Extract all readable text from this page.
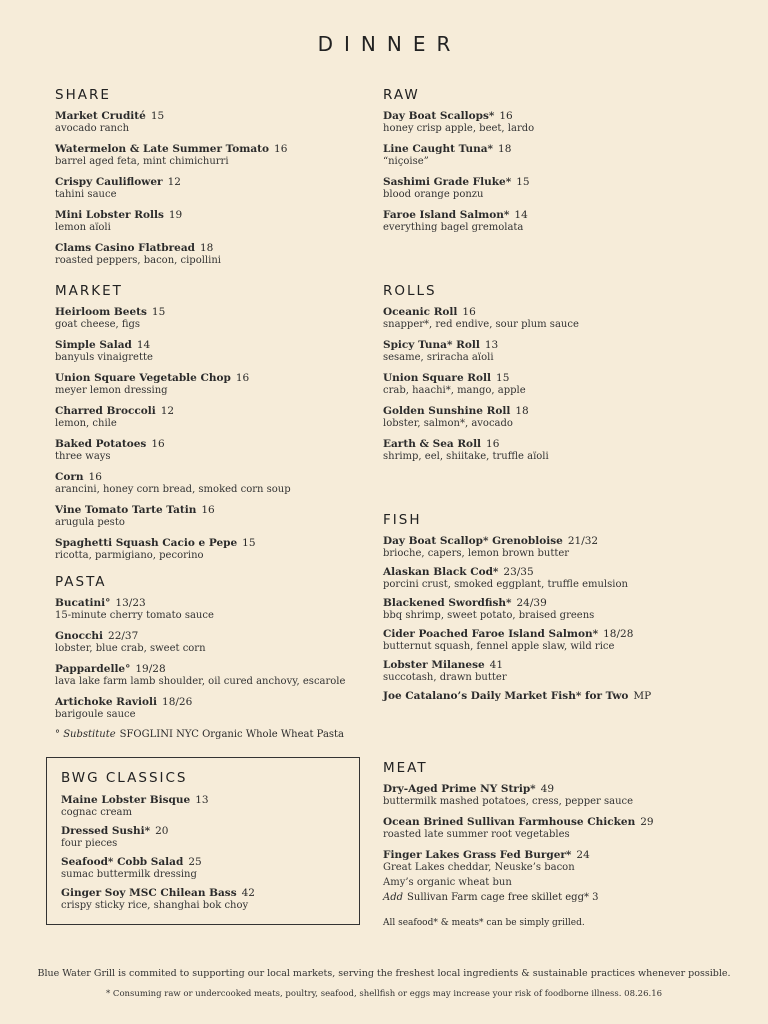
DINNER
SHARE
Market Crudité 15
avocado ranch
Watermelon & Late Summer Tomato 16
barrel aged feta, mint chimichurri
Crispy Cauliflower 12
tahini sauce
Mini Lobster Rolls 19
lemon aïoli
Clams Casino Flatbread 18
roasted peppers, bacon, cipollini
RAW
Day Boat Scallops* 16
honey crisp apple, beet, lardo
Line Caught Tuna* 18
“niçoise”
Sashimi Grade Fluke* 15
blood orange ponzu
Faroe Island Salmon* 14
everything bagel gremolata
MARKET
Heirloom Beets 15
goat cheese, figs
Simple Salad 14
banyuls vinaigrette
Union Square Vegetable Chop 16
meyer lemon dressing
Charred Broccoli 12
lemon, chile
Baked Potatoes 16
three ways
Corn 16
arancini, honey corn bread, smoked corn soup
Vine Tomato Tarte Tatin 16
arugula pesto
Spaghetti Squash Cacio e Pepe 15
ricotta, parmigiano, pecorino
ROLLS
Oceanic Roll 16
snapper*, red endive, sour plum sauce
Spicy Tuna* Roll 13
sesame, sriracha aïoli
Union Square Roll 15
crab, haachi*, mango, apple
Golden Sunshine Roll 18
lobster, salmon*, avocado
Earth & Sea Roll 16
shrimp, eel, shiitake, truffle aïoli
FISH
Day Boat Scallop* Grenobloise 21/32
brioche, capers, lemon brown butter
Alaskan Black Cod* 23/35
porcini crust, smoked eggplant, truffle emulsion
Blackened Swordfish* 24/39
bbq shrimp, sweet potato, braised greens
Cider Poached Faroe Island Salmon* 18/28
butternut squash, fennel apple slaw, wild rice
Lobster Milanese 41
succotash, drawn butter
Joe Catalano’s Daily Market Fish* for Two MP
PASTA
Bucatini° 13/23
15-minute cherry tomato sauce
Gnocchi 22/37
lobster, blue crab, sweet corn
Pappardelle° 19/28
lava lake farm lamb shoulder, oil cured anchovy, escarole
Artichoke Ravioli 18/26
barigoule sauce
° Substitute SFOGLINI NYC Organic Whole Wheat Pasta
BWG CLASSICS
Maine Lobster Bisque 13
cognac cream
Dressed Sushi* 20
four pieces
Seafood* Cobb Salad 25
sumac buttermilk dressing
Ginger Soy MSC Chilean Bass 42
crispy sticky rice, shanghai bok choy
MEAT
Dry-Aged Prime NY Strip* 49
buttermilk mashed potatoes, cress, pepper sauce
Ocean Brined Sullivan Farmhouse Chicken 29
roasted late summer root vegetables
Finger Lakes Grass Fed Burger* 24
Great Lakes cheddar, Neuske’s bacon
Amy’s organic wheat bun
Add Sullivan Farm cage free skillet egg* 3
All seafood* & meats* can be simply grilled.
Blue Water Grill is commited to supporting our local markets, serving the freshest local ingredients & sustainable practices whenever possible.
* Consuming raw or undercooked meats, poultry, seafood, shellfish or eggs may increase your risk of foodborne illness. 08.26.16
